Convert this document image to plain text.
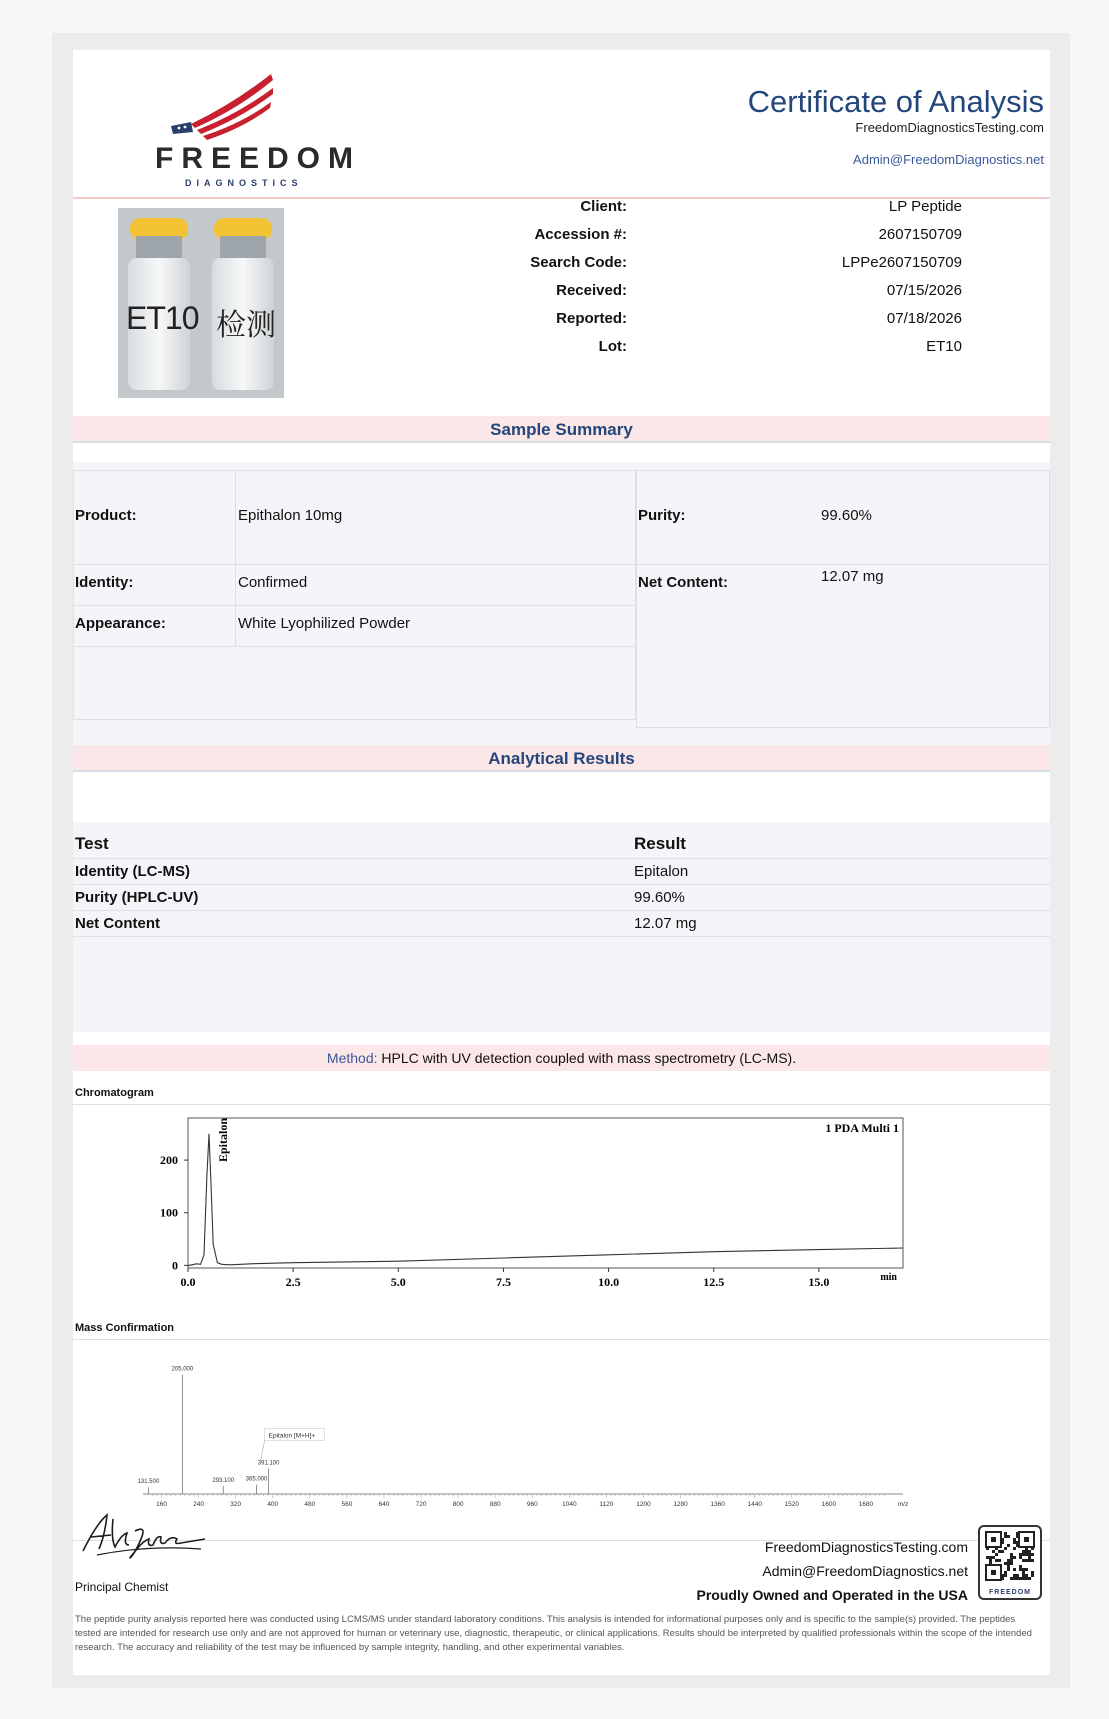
FREEDOM
DIAGNOSTICS
Certificate of Analysis
FreedomDiagnosticsTesting.com
Admin@FreedomDiagnostics.net
ET10 检测
Client:	LP Peptide
Accession #:	2607150709
Search Code:	LPPe2607150709
Received:	07/15/2026
Reported:	07/18/2026
Lot:	ET10
Sample Summary
Product:	Epithalon 10mg
Identity:	Confirmed
Appearance:	White Lyophilized Powder
Purity:	99.60%
Net Content:	12.07 mg
Analytical Results
Test	Result
Identity (LC-MS)	Epitalon
Purity (HPLC-UV)	99.60%
Net Content	12.07 mg
Method: HPLC with UV detection coupled with mass spectrometry (LC-MS).
Chromatogram
0.0	2.5	5.0	7.5	10.0	12.5	15.0
0
100
200
min
1 PDA Multi 1
Epitalon
Mass Confirmation
160	240	320	400	480	560	640	720	800	880	960	1040	1120	1200	1280	1360	1440	1520	1600	1680	m/z
131.500
205.000
293.100 365.000
391.100
Epitalon [M+H]+
Principal Chemist
FreedomDiagnosticsTesting.com
Admin@FreedomDiagnostics.net
Proudly Owned and Operated in the USA	FREEDOM
The peptide purity analysis reported here was conducted using LCMS/MS under standard laboratory conditions. This analysis is intended for informational purposes only and is specific to the sample(s) provided. The peptides tested are intended for research use only and are not approved for human or veterinary use, diagnostic, therapeutic, or clinical applications. Results should be interpreted by qualified professionals within the scope of the intended research. The accuracy and reliability of the test may be influenced by sample integrity, handling, and other experimental variables.
